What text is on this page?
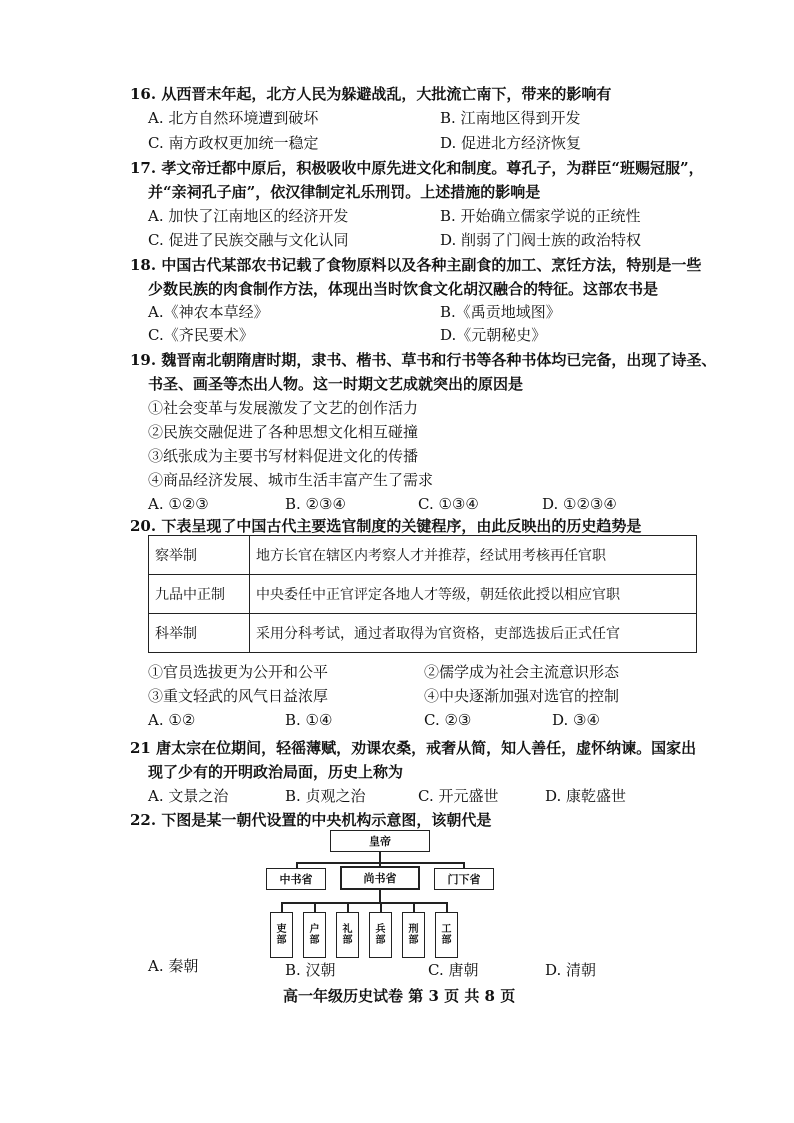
16. 从西晋末年起，北方人民为躲避战乱，大批流亡南下，带来的影响有
A. 北方自然环境遭到破坏	B. 江南地区得到开发
C. 南方政权更加统一稳定	D. 促进北方经济恢复
17. 孝文帝迁都中原后，积极吸收中原先进文化和制度。尊孔子，为群臣“班赐冠服”，
并“亲祠孔子庙”，依汉律制定礼乐刑罚。上述措施的影响是
A. 加快了江南地区的经济开发	B. 开始确立儒家学说的正统性
C. 促进了民族交融与文化认同	D. 削弱了门阀士族的政治特权
18. 中国古代某部农书记载了食物原料以及各种主副食的加工、烹饪方法，特别是一些
少数民族的肉食制作方法，体现出当时饮食文化胡汉融合的特征。这部农书是
A.《神农本草经》	B.《禹贡地域图》
C.《齐民要术》	D.《元朝秘史》
19. 魏晋南北朝隋唐时期，隶书、楷书、草书和行书等各种书体均已完备，出现了诗圣、
书圣、画圣等杰出人物。这一时期文艺成就突出的原因是
①社会变革与发展激发了文艺的创作活力
②民族交融促进了各种思想文化相互碰撞
③纸张成为主要书写材料促进文化的传播
④商品经济发展、城市生活丰富产生了需求
A. ①②③	B. ②③④	C. ①③④	D. ①②③④
20. 下表呈现了中国古代主要选官制度的关键程序，由此反映出的历史趋势是
察举制	地方长官在辖区内考察人才并推荐，经试用考核再任官职
九品中正制	中央委任中正官评定各地人才等级，朝廷依此授以相应官职
科举制	采用分科考试，通过者取得为官资格，吏部选拔后正式任官
①官员选拔更为公开和公平	②儒学成为社会主流意识形态
③重文轻武的风气日益浓厚	④中央逐渐加强对选官的控制
A. ①②	B. ①④	C. ②③	D. ③④
21 唐太宗在位期间，轻徭薄赋，劝课农桑，戒奢从简，知人善任，虚怀纳谏。国家出
现了少有的开明政治局面，历史上称为
A. 文景之治	B. 贞观之治	C. 开元盛世	D. 康乾盛世
22. 下图是某一朝代设置的中央机构示意图，该朝代是
皇帝
中书省	尚书省	门下省
吏部
户部
礼部
兵部
刑部
工部
A. 秦朝	B. 汉朝	C. 唐朝	D. 清朝
高一年级历史试卷 第 3 页 共 8 页
